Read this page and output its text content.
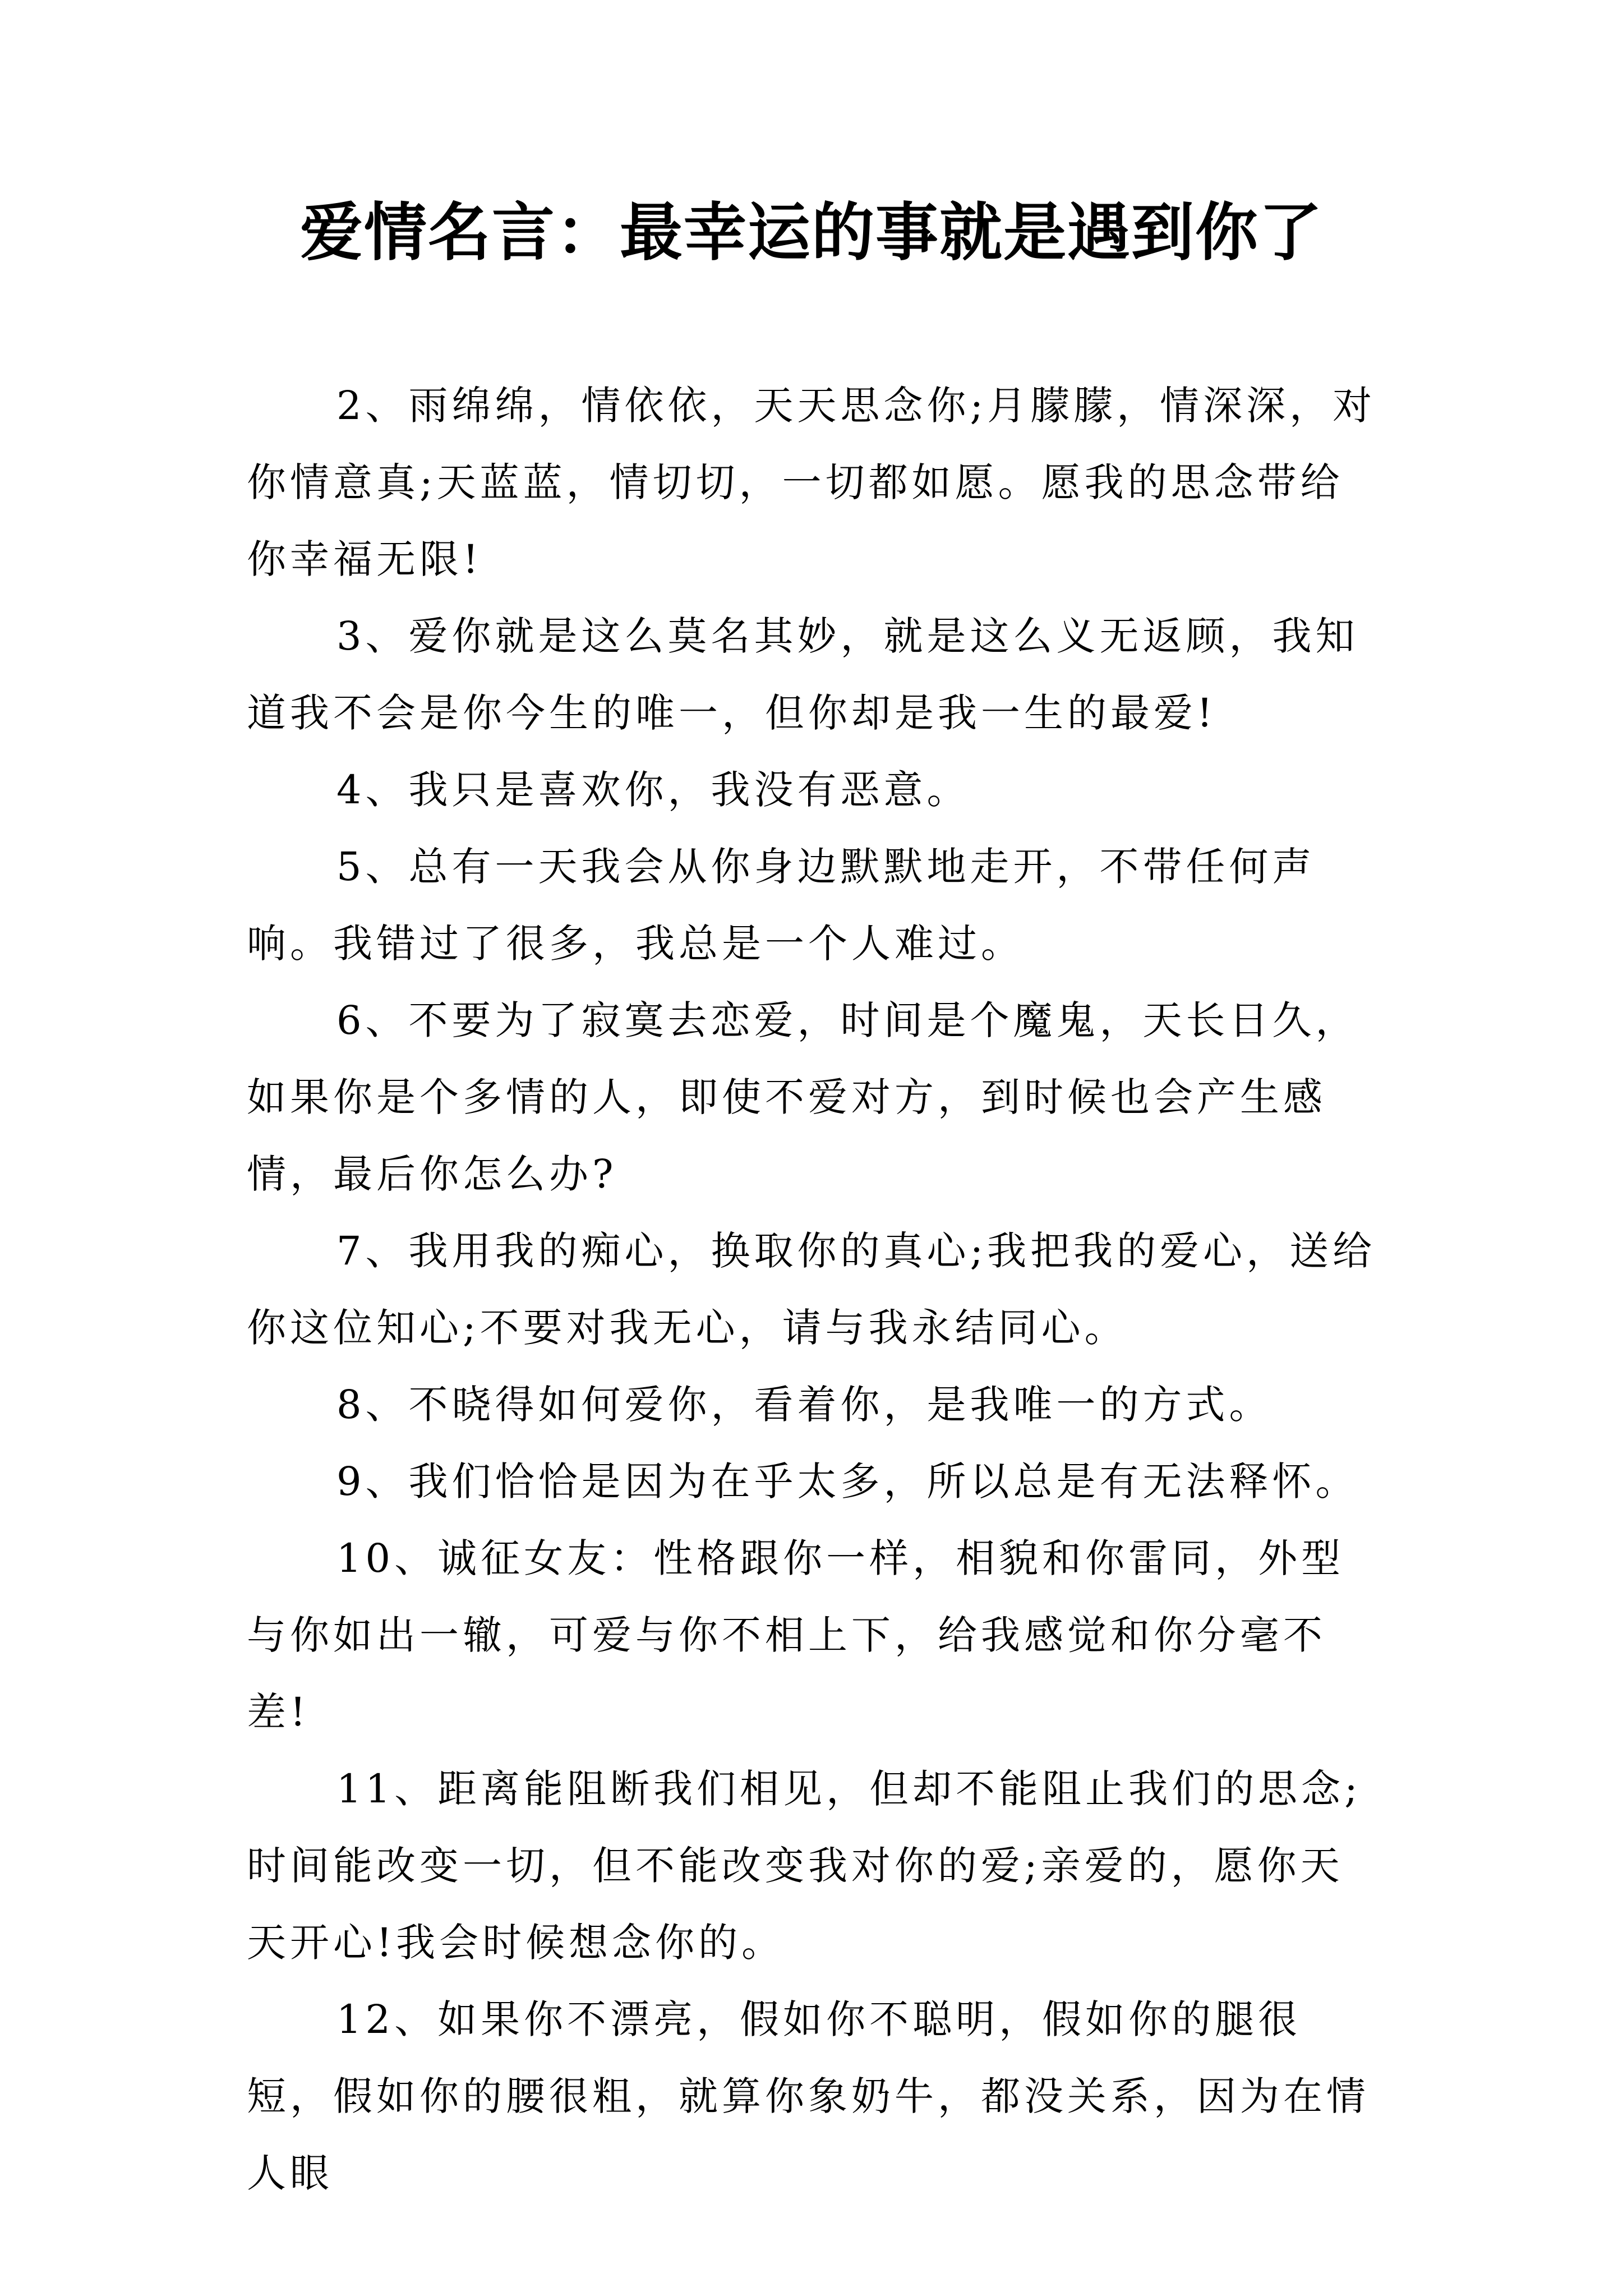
爱情名言：最幸运的事就是遇到你了

2、雨绵绵，情依依，天天思念你;月朦朦，情深深，对你情意真;天蓝蓝，情切切，一切都如愿。愿我的思念带给你幸福无限!

3、爱你就是这么莫名其妙，就是这么义无返顾，我知道我不会是你今生的唯一，但你却是我一生的最爱!

4、我只是喜欢你，我没有恶意。

5、总有一天我会从你身边默默地走开，不带任何声响。我错过了很多，我总是一个人难过。

6、不要为了寂寞去恋爱，时间是个魔鬼，天长日久，如果你是个多情的人，即使不爱对方，到时候也会产生感情，最后你怎么办?

7、我用我的痴心，换取你的真心;我把我的爱心，送给你这位知心;不要对我无心，请与我永结同心。

8、不晓得如何爱你，看着你，是我唯一的方式。

9、我们恰恰是因为在乎太多，所以总是有无法释怀。

10、诚征女友：性格跟你一样，相貌和你雷同，外型与你如出一辙，可爱与你不相上下，给我感觉和你分毫不差!

11、距离能阻断我们相见，但却不能阻止我们的思念;时间能改变一切，但不能改变我对你的爱;亲爱的，愿你天天开心!我会时候想念你的。

12、如果你不漂亮，假如你不聪明，假如你的腿很短，假如你的腰很粗，就算你象奶牛，都没关系，因为在情人眼
